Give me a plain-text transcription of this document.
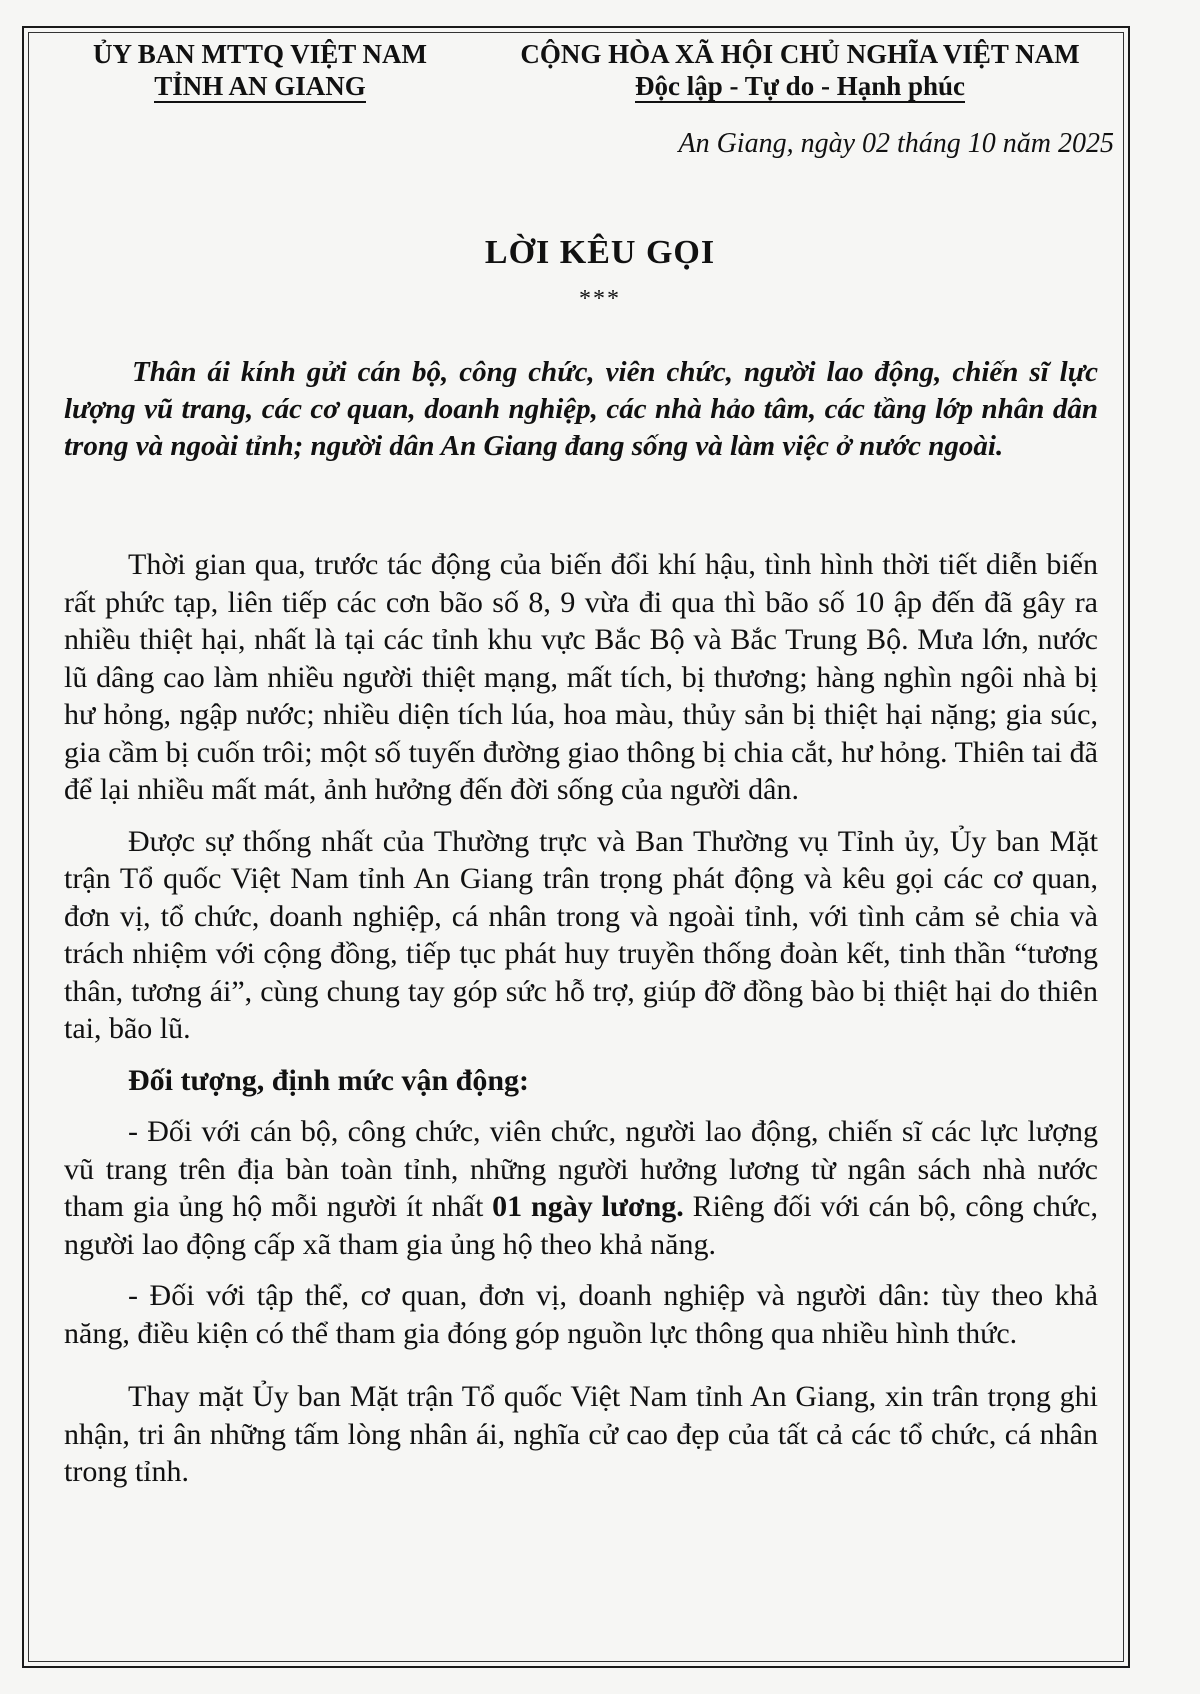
ỦY BAN MTTQ VIỆT NAM
TỈNH AN GIANG
CỘNG HÒA XÃ HỘI CHỦ NGHĨA VIỆT NAM
Độc lập - Tự do - Hạnh phúc
An Giang, ngày 02 tháng 10 năm 2025
LỜI KÊU GỌI
***
Thân ái kính gửi cán bộ, công chức, viên chức, người lao động, chiến sĩ lực lượng vũ trang, các cơ quan, doanh nghiệp, các nhà hảo tâm, các tầng lớp nhân dân trong và ngoài tỉnh; người dân An Giang đang sống và làm việc ở nước ngoài.

Thời gian qua, trước tác động của biến đổi khí hậu, tình hình thời tiết diễn biến rất phức tạp, liên tiếp các cơn bão số 8, 9 vừa đi qua thì bão số 10 ập đến đã gây ra nhiều thiệt hại, nhất là tại các tỉnh khu vực Bắc Bộ và Bắc Trung Bộ. Mưa lớn, nước lũ dâng cao làm nhiều người thiệt mạng, mất tích, bị thương; hàng nghìn ngôi nhà bị hư hỏng, ngập nước; nhiều diện tích lúa, hoa màu, thủy sản bị thiệt hại nặng; gia súc, gia cầm bị cuốn trôi; một số tuyến đường giao thông bị chia cắt, hư hỏng. Thiên tai đã để lại nhiều mất mát, ảnh hưởng đến đời sống của người dân.

Được sự thống nhất của Thường trực và Ban Thường vụ Tỉnh ủy, Ủy ban Mặt trận Tổ quốc Việt Nam tỉnh An Giang trân trọng phát động và kêu gọi các cơ quan, đơn vị, tổ chức, doanh nghiệp, cá nhân trong và ngoài tỉnh, với tình cảm sẻ chia và trách nhiệm với cộng đồng, tiếp tục phát huy truyền thống đoàn kết, tinh thần “tương thân, tương ái”, cùng chung tay góp sức hỗ trợ, giúp đỡ đồng bào bị thiệt hại do thiên tai, bão lũ.

Đối tượng, định mức vận động:

- Đối với cán bộ, công chức, viên chức, người lao động, chiến sĩ các lực lượng vũ trang trên địa bàn toàn tỉnh, những người hưởng lương từ ngân sách nhà nước tham gia ủng hộ mỗi người ít nhất 01 ngày lương. Riêng đối với cán bộ, công chức, người lao động cấp xã tham gia ủng hộ theo khả năng.

- Đối với tập thể, cơ quan, đơn vị, doanh nghiệp và người dân: tùy theo khả năng, điều kiện có thể tham gia đóng góp nguồn lực thông qua nhiều hình thức.

Thay mặt Ủy ban Mặt trận Tổ quốc Việt Nam tỉnh An Giang, xin trân trọng ghi nhận, tri ân những tấm lòng nhân ái, nghĩa cử cao đẹp của tất cả các tổ chức, cá nhân trong tỉnh.
